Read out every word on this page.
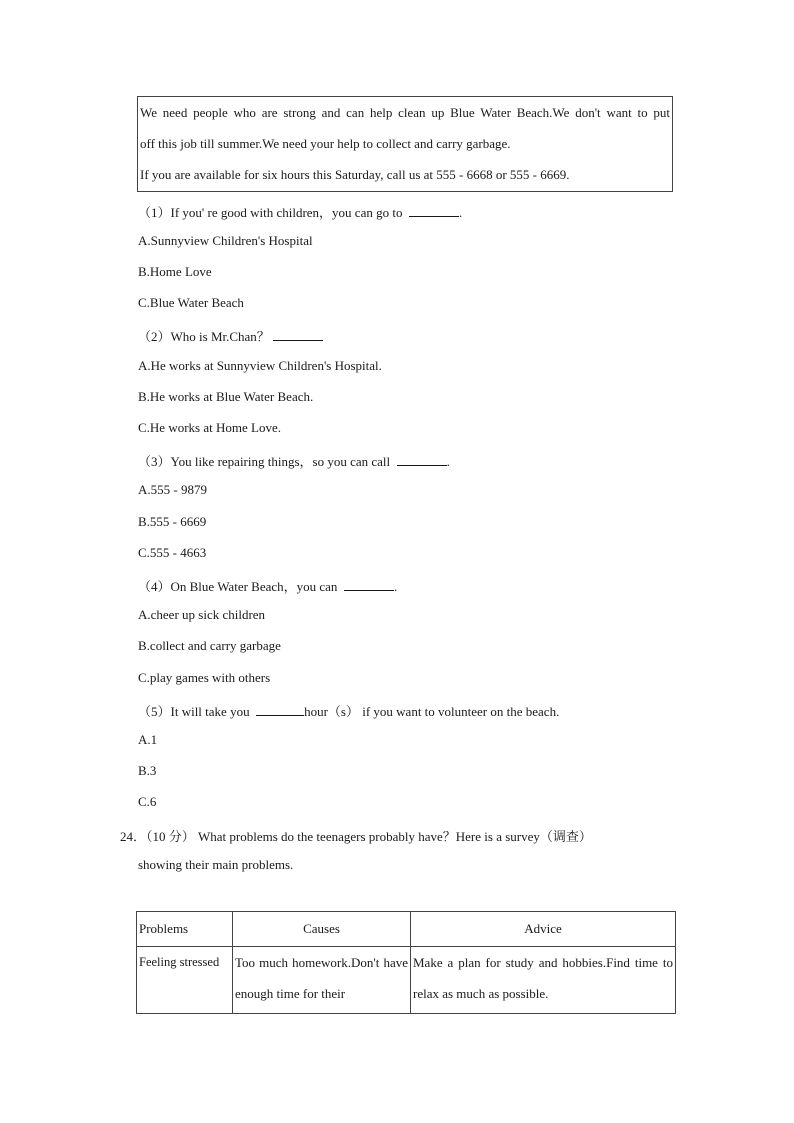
We need people who are strong and can help clean up Blue Water Beach.We don't want to put
off this job till summer.We need your help to collect and carry garbage.
If you are available for six hours this Saturday, call us at 555 - 6668 or 555 - 6669.
（1）If you' re good with children，you can go to	.
A.Sunnyview Children's Hospital
B.Home Love
C.Blue Water Beach
（2）Who is Mr.Chan？
A.He works at Sunnyview Children's Hospital.
B.He works at Blue Water Beach.
C.He works at Home Love.
（3）You like repairing things，so you can call	.
A.555 - 9879
B.555 - 6669
C.555 - 4663
（4）On Blue Water Beach，you can	.
A.cheer up sick children
B.collect and carry garbage
C.play games with others
（5）It will take you	hour（s） if you want to volunteer on the beach.
A.1
B.3
C.6
24．（10 分） What problems do the teenagers probably have？Here is a survey（调查）
showing their main problems.
Problems	Causes	Advice
Feeling stressed	Too much homework.Don't have enough time for their	Make a plan for study and hobbies.Find time to relax as much as possible.
